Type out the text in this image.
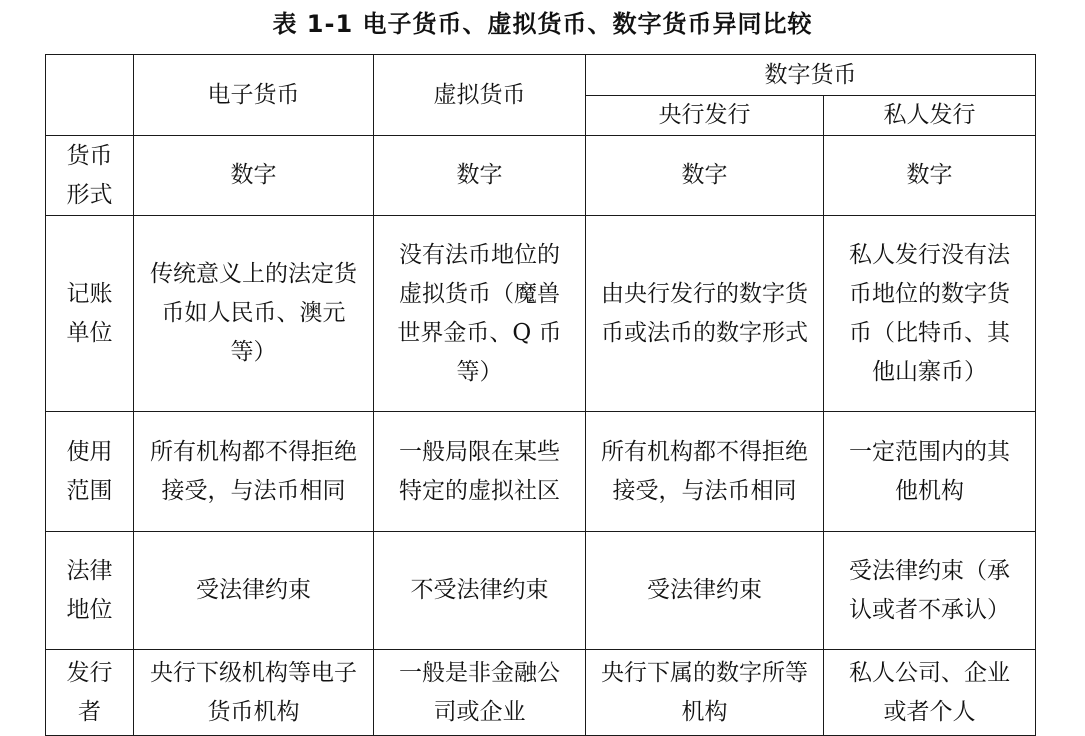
表 1-1 电子货币、虚拟货币、数字货币异同比较
	电子货币	虚拟货币	数字货币	
			央行发行	私人发行
货币形式	数字	数字	数字	数字
记账单位	传统意义上的法定货币如人民币、澳元等）	没有法币地位的虚拟货币（魔兽世界金币、Q 币等）	由央行发行的数字货币或法币的数字形式	私人发行没有法币地位的数字货币（比特币、其他山寨币）
使用范围	所有机构都不得拒绝接受，与法币相同	一般局限在某些特定的虚拟社区	所有机构都不得拒绝接受，与法币相同	一定范围内的其他机构
法律地位	受法律约束	不受法律约束	受法律约束	受法律约束（承认或者不承认）
发行者	央行下级机构等电子货币机构	一般是非金融公司或企业	央行下属的数字所等机构	私人公司、企业或者个人
